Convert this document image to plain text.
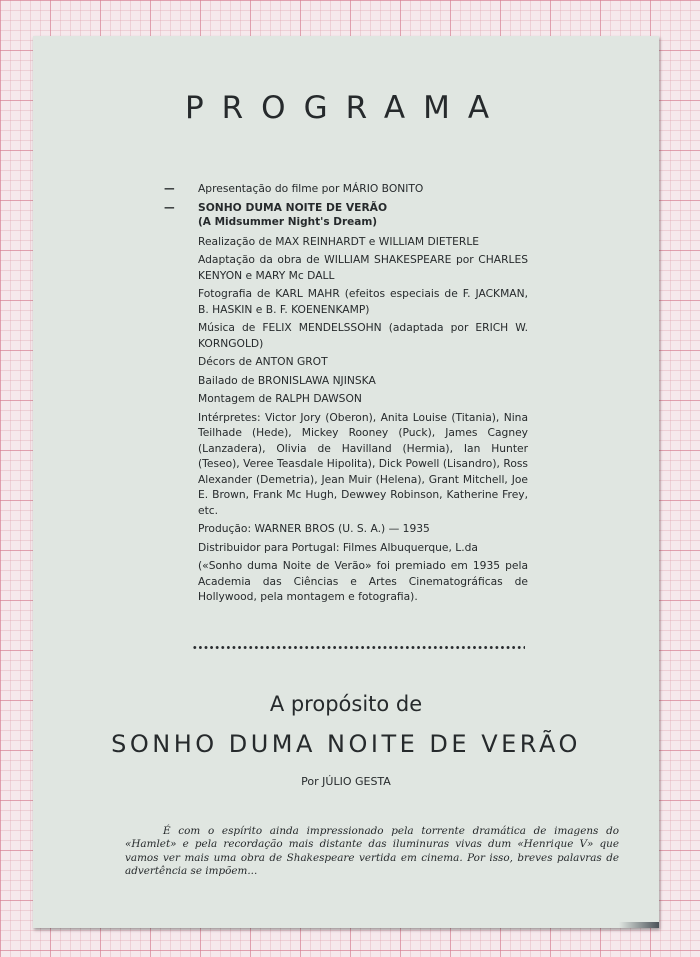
PROGRAMA
— Apresentação do filme por MÁRIO BONITO
— SONHO DUMA NOITE DE VERÃO
(A Midsummer Night's Dream)
Realização de MAX REINHARDT e WILLIAM DIETERLE
Adaptação da obra de WILLIAM SHAKESPEARE por CHARLES KENYON e MARY Mc DALL
Fotografia de KARL MAHR (efeitos especiais de F. JACKMAN, B. HASKIN e B. F. KOENENKAMP)
Música de FELIX MENDELSSOHN (adaptada por ERICH W. KORNGOLD)
Décors de ANTON GROT
Bailado de BRONISLAWA NJINSKA
Montagem de RALPH DAWSON
Intérpretes: Victor Jory (Oberon), Anita Louise (Titania), Nina Teilhade (Hede), Mickey Rooney (Puck), James Cagney (Lanzadera), Olivia de Havilland (Hermia), Ian Hunter (Teseo), Veree Teasdale Hipolita), Dick Powell (Lisandro), Ross Alexander (Demetria), Jean Muir (Helena), Grant Mitchell, Joe E. Brown, Frank Mc Hugh, Dewwey Robinson, Katherine Frey, etc.
Produção: WARNER BROS (U. S. A.) — 1935
Distribuidor para Portugal: Filmes Albuquerque, L.da
(«Sonho duma Noite de Verão» foi premiado em 1935 pela Academia das Ciências e Artes Cinematográficas de Hollywood, pela montagem e fotografia).
A propósito de
SONHO DUMA NOITE DE VERÃO
Por JÚLIO GESTA

É com o espírito ainda impressionado pela torrente dramática de imagens do «Hamlet» e pela recordação mais distante das iluminuras vivas dum «Henrique V» que vamos ver mais uma obra de Shakespeare vertida em cinema. Por isso, breves palavras de advertência se impõem...
